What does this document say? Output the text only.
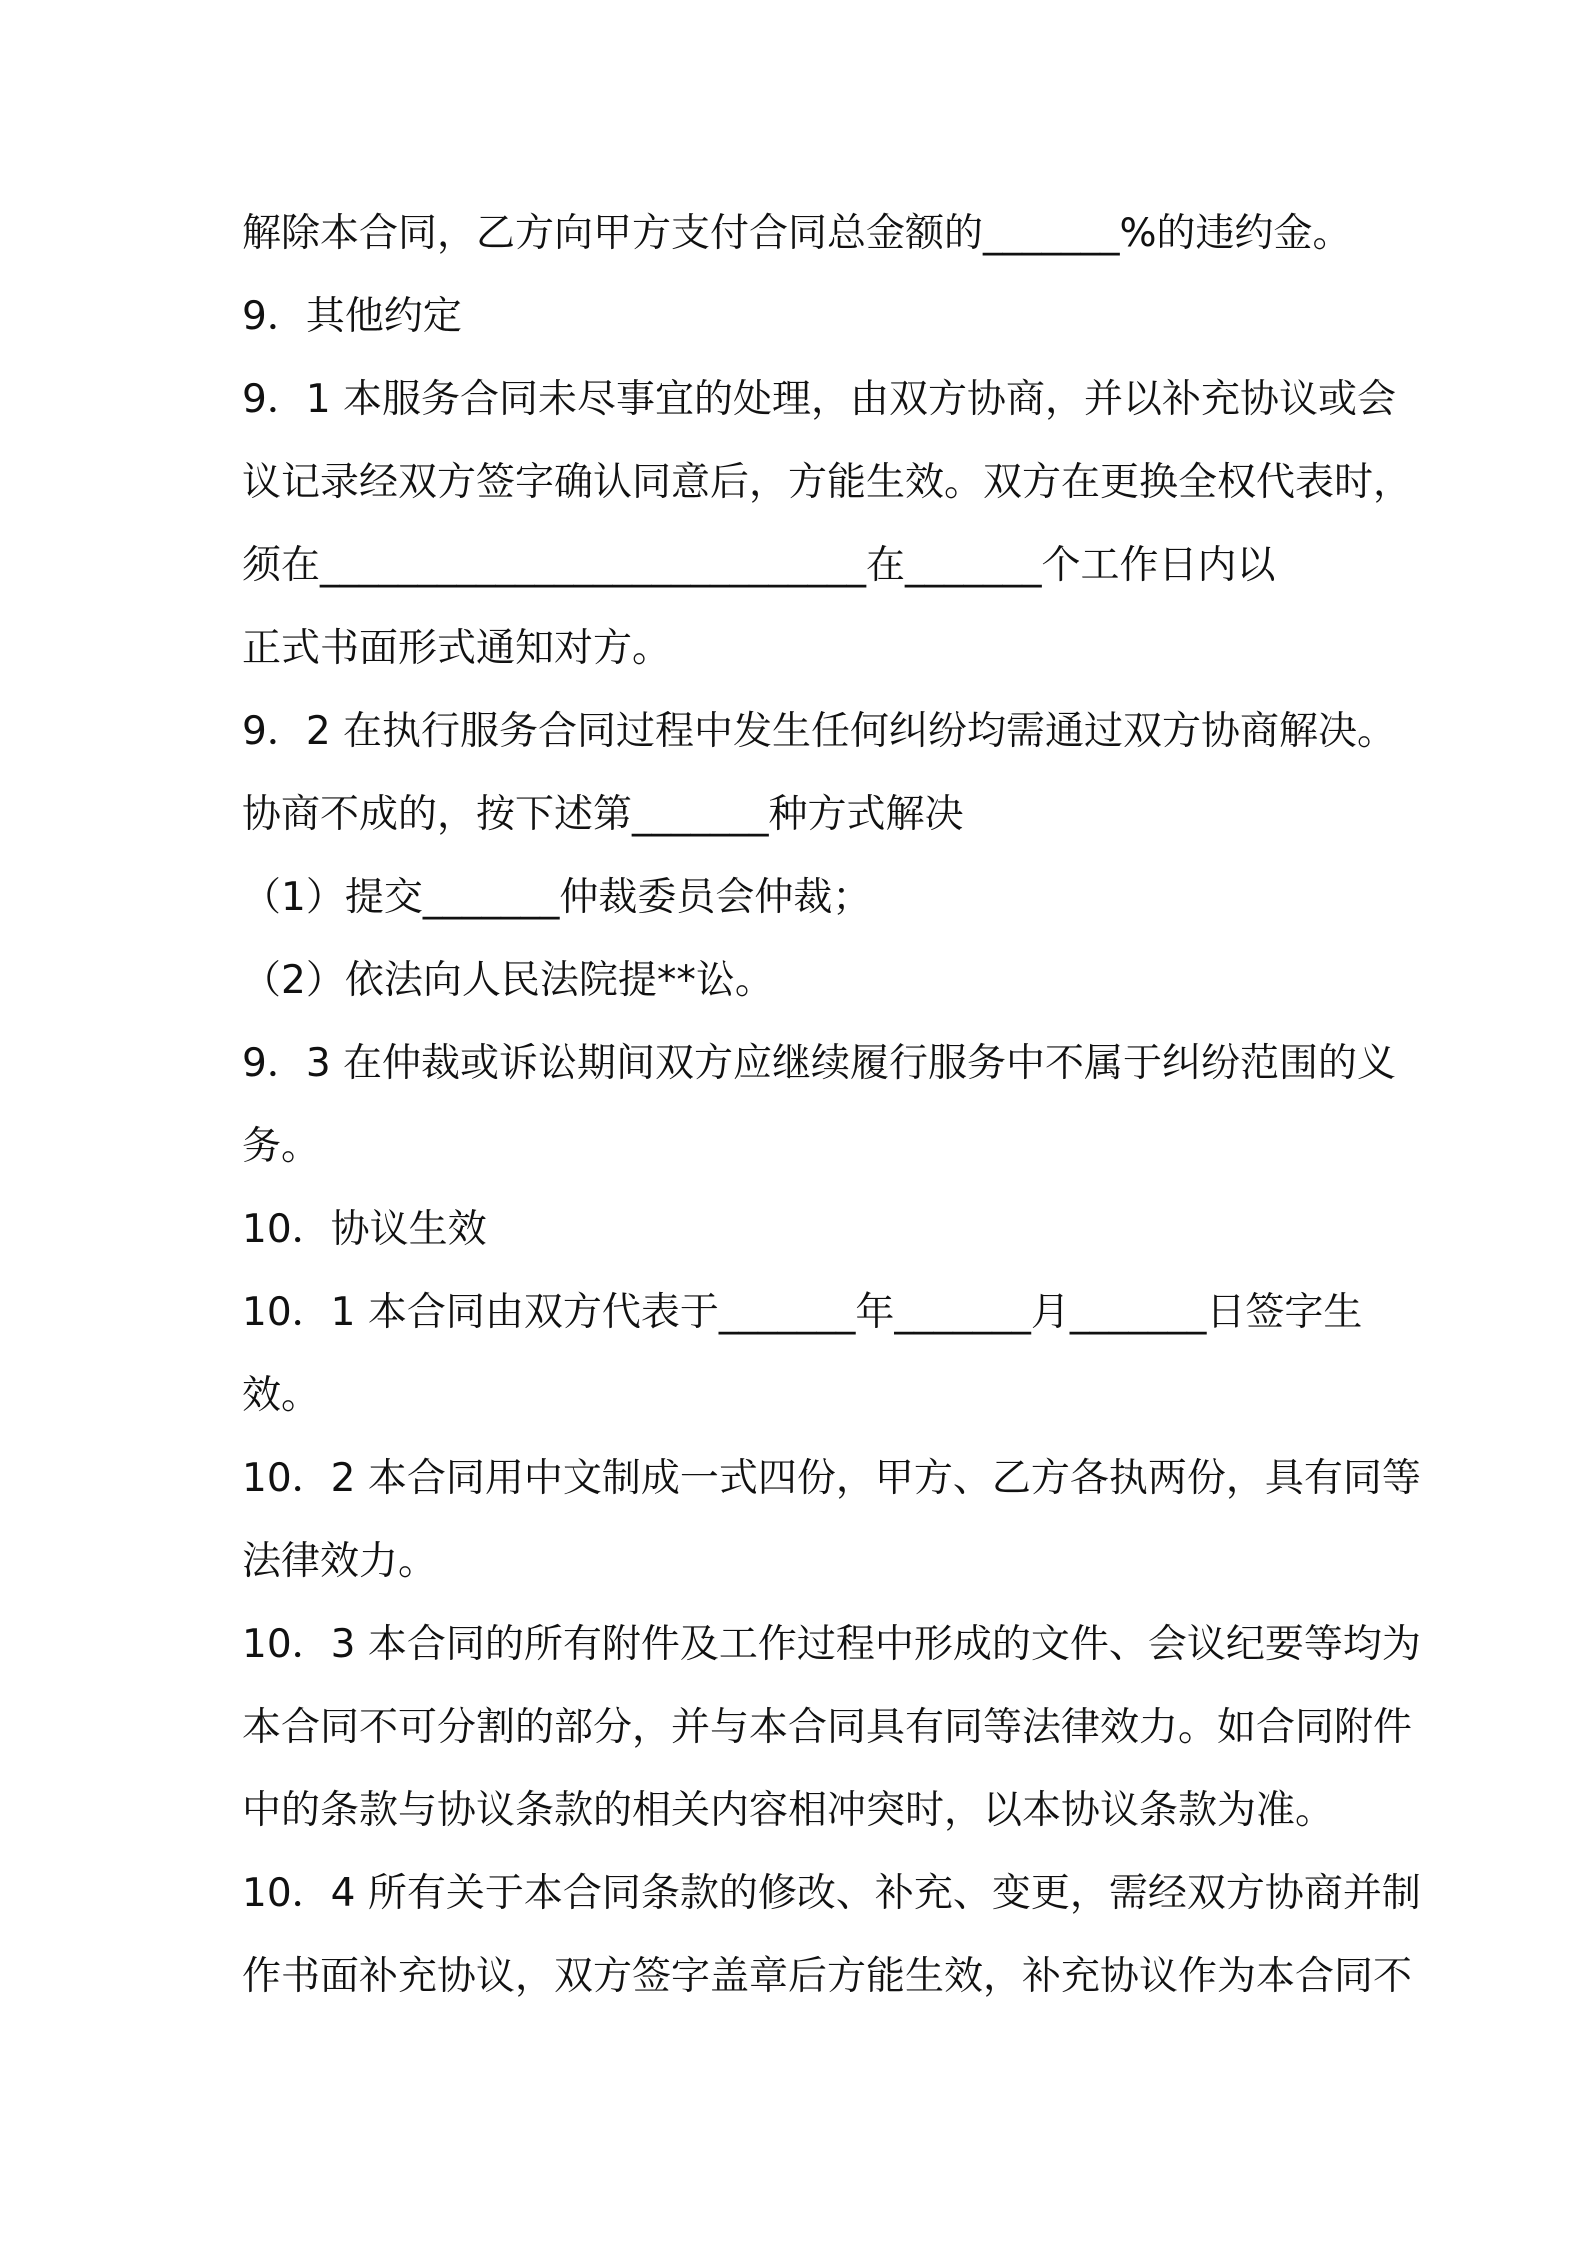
解除本合同，乙方向甲方支付合同总金额的_______%的违约金。
9．其他约定
9．1 本服务合同未尽事宜的处理，由双方协商，并以补充协议或会
议记录经双方签字确认同意后，方能生效。双方在更换全权代表时，
须在____________________________在_______个工作日内以
正式书面形式通知对方。
9．2 在执行服务合同过程中发生任何纠纷均需通过双方协商解决。
协商不成的，按下述第_______种方式解决
（1）提交_______仲裁委员会仲裁；
（2）依法向人民法院提**讼。
9．3 在仲裁或诉讼期间双方应继续履行服务中不属于纠纷范围的义
务。
10．协议生效
10．1 本合同由双方代表于_______年_______月_______日签字生
效。
10．2 本合同用中文制成一式四份，甲方、乙方各执两份，具有同等
法律效力。
10．3 本合同的所有附件及工作过程中形成的文件、会议纪要等均为
本合同不可分割的部分，并与本合同具有同等法律效力。如合同附件
中的条款与协议条款的相关内容相冲突时，以本协议条款为准。
10．4 所有关于本合同条款的修改、补充、变更，需经双方协商并制
作书面补充协议，双方签字盖章后方能生效，补充协议作为本合同不
